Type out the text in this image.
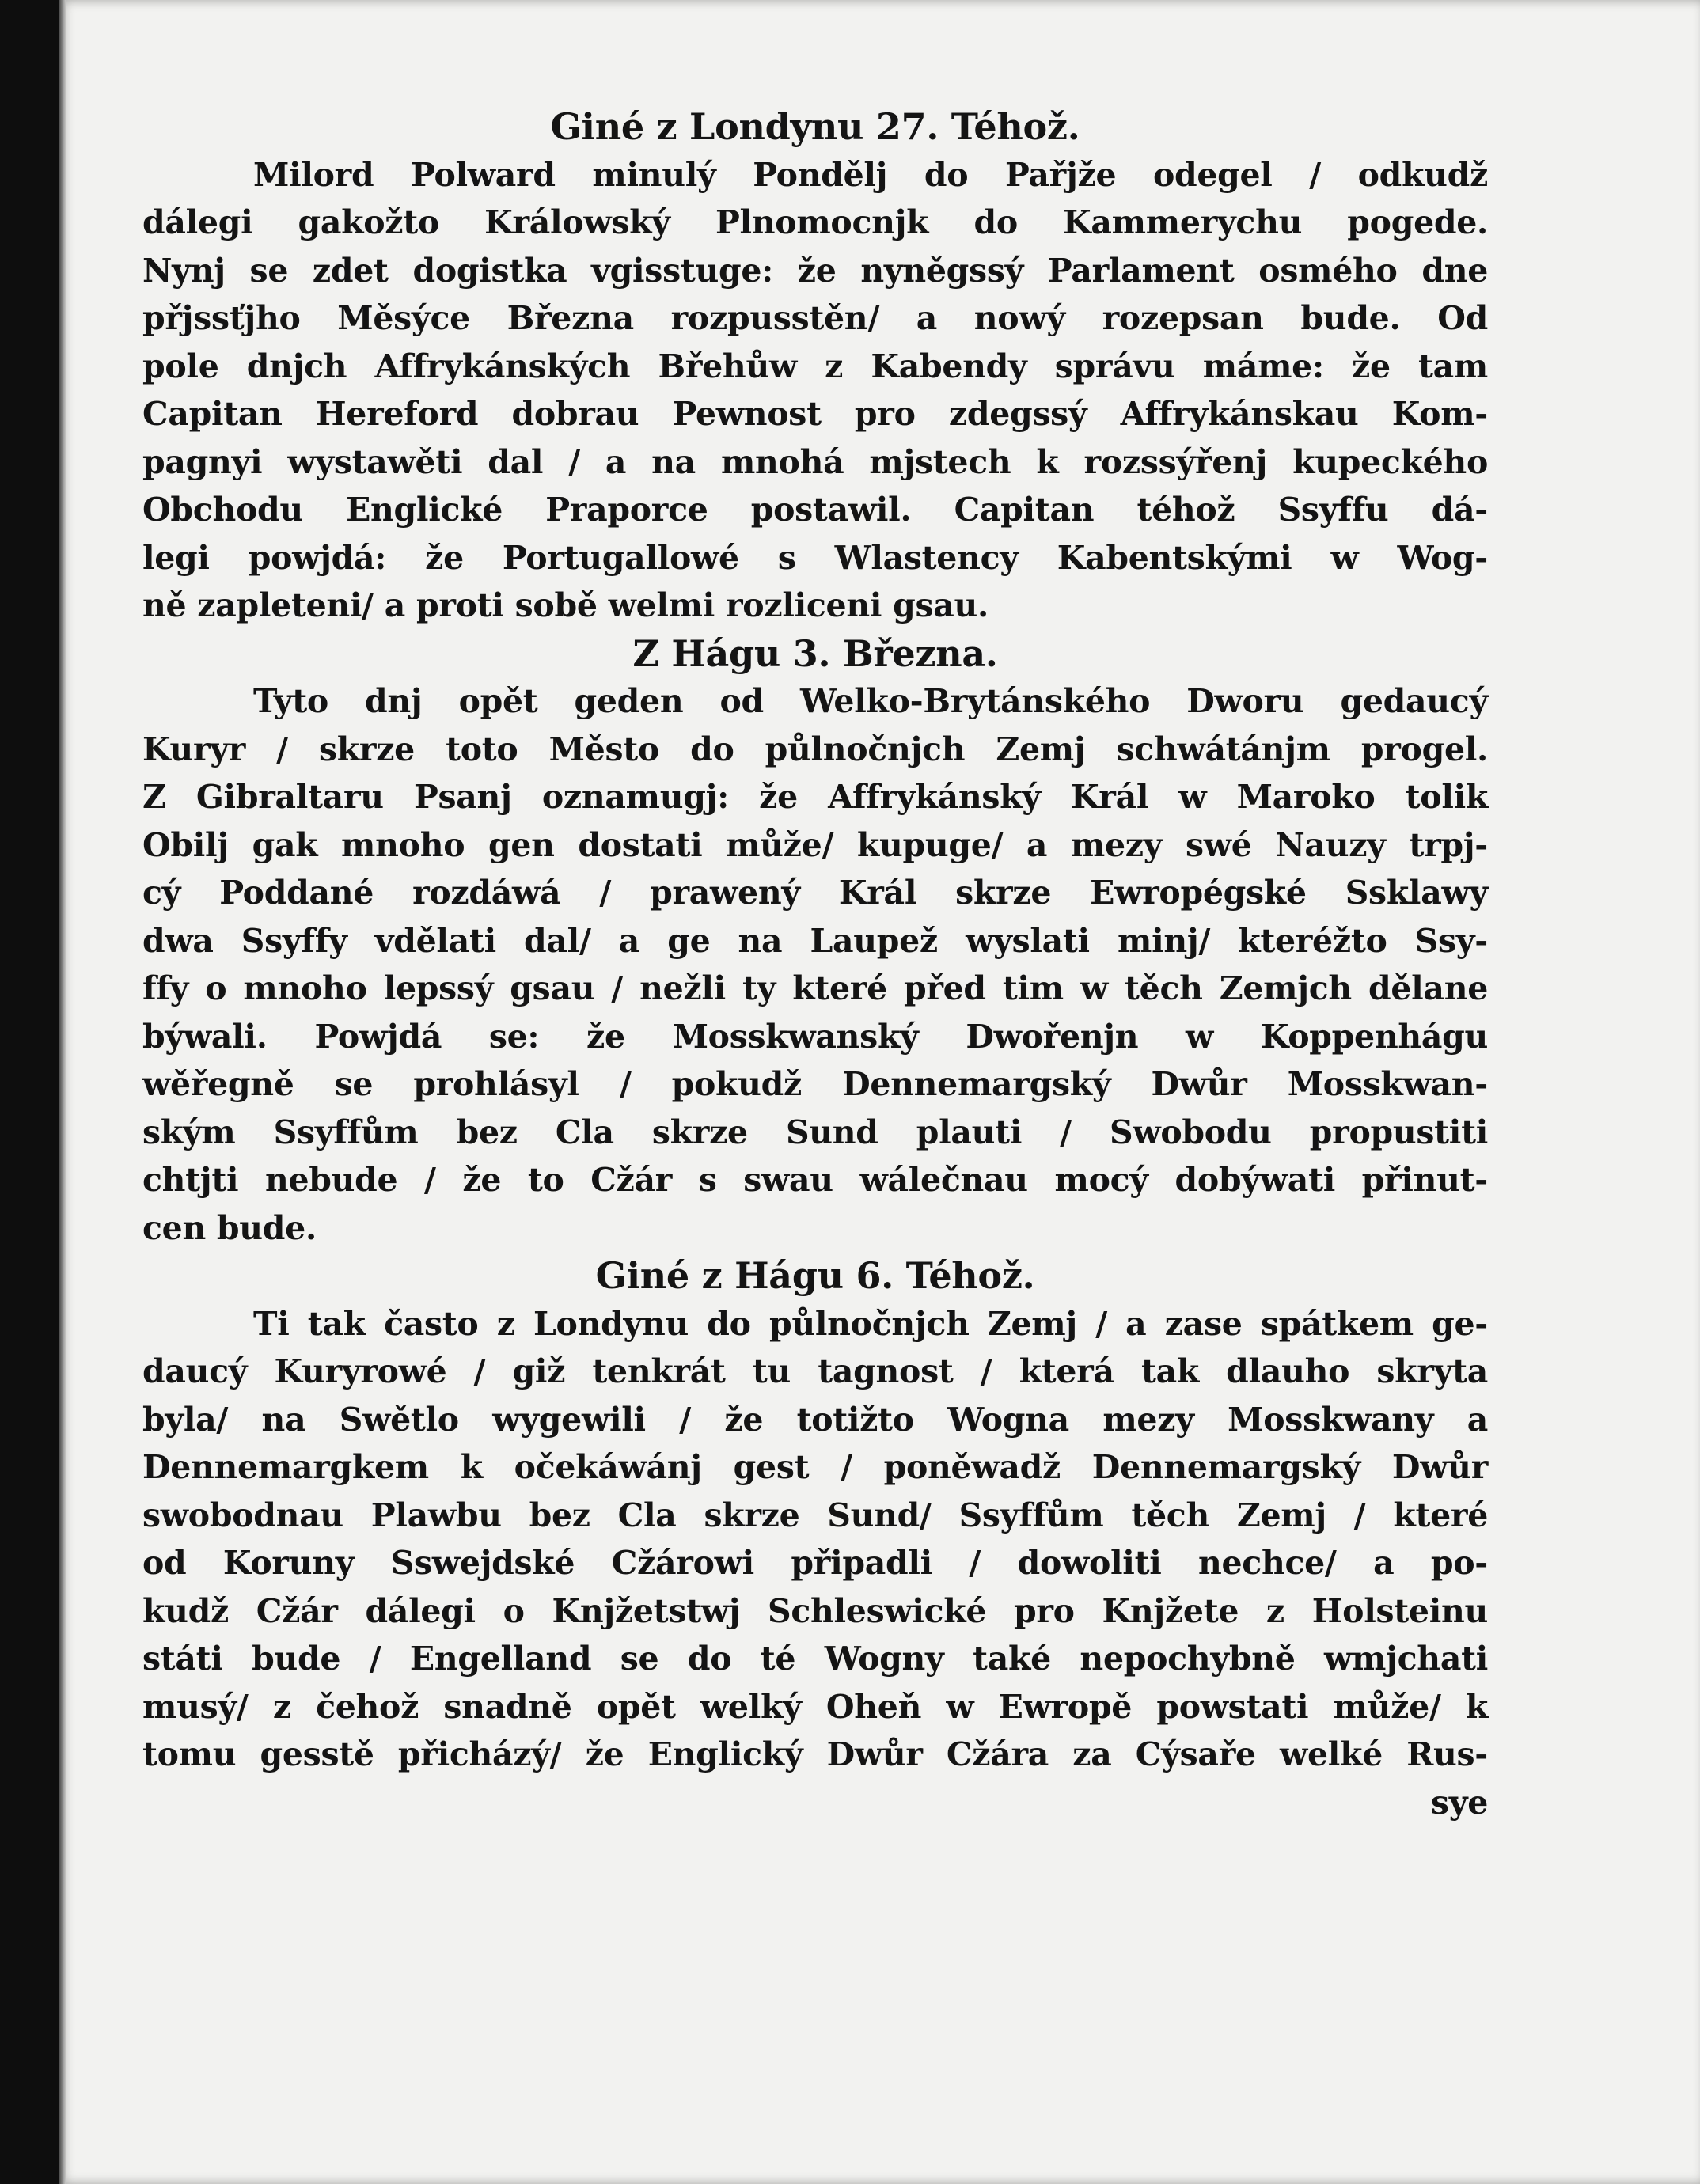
Giné z Londynu 27. Téhož.
Milord Polward minulý Pondělj do Pařjže odegel / odkudž
dálegi gakožto Králowský Plnomocnjk do Kammerychu pogede.
Nynj se zdet dogistka vgisstuge: že nyněgssý Parlament osmého dne
přjssťjho Měsýce Března rozpusstěn/ a nowý rozepsan bude. Od
pole dnjch Affrykánských Břehůw z Kabendy správu máme: že tam
Capitan Hereford dobrau Pewnost pro zdegssý Affrykánskau Kom-
pagnyi wystawěti dal / a na mnohá mjstech k rozssýřenj kupeckého
Obchodu Englické Praporce postawil. Capitan téhož Ssyffu dá-
legi powjdá: že Portugallowé s Wlastency Kabentskými w Wog-
ně zapleteni/ a proti sobě welmi rozliceni gsau.
Z Hágu 3. Března.
Tyto dnj opět geden od Welko-Brytánského Dworu gedaucý
Kuryr / skrze toto Město do půlnočnjch Zemj schwátánjm progel.
Z Gibraltaru Psanj oznamugj: že Affrykánský Král w Maroko tolik
Obilj gak mnoho gen dostati může/ kupuge/ a mezy swé Nauzy trpj-
cý Poddané rozdáwá / prawený Král skrze Ewropégské Ssklawy
dwa Ssyffy vdělati dal/ a ge na Laupež wyslati minj/ kteréžto Ssy-
ffy o mnoho lepssý gsau / nežli ty které před tim w těch Zemjch dělane
býwali. Powjdá se: že Mosskwanský Dwořenjn w Koppenhágu
wěřegně se prohlásyl / pokudž Dennemargský Dwůr Mosskwan-
ským Ssyffům bez Cla skrze Sund plauti / Swobodu propustiti
chtjti nebude / že to Cžár s swau wálečnau mocý dobýwati přinut-
cen bude.
Giné z Hágu 6. Téhož.
Ti tak často z Londynu do půlnočnjch Zemj / a zase spátkem ge-
daucý Kuryrowé / giž tenkrát tu tagnost / která tak dlauho skryta
byla/ na Swětlo wygewili / že totižto Wogna mezy Mosskwany a
Dennemargkem k očekáwánj gest / poněwadž Dennemargský Dwůr
swobodnau Plawbu bez Cla skrze Sund/ Ssyffům těch Zemj / které
od Koruny Sswejdské Cžárowi připadli / dowoliti nechce/ a po-
kudž Cžár dálegi o Knjžetstwj Schleswické pro Knjžete z Holsteinu
státi bude / Engelland se do té Wogny také nepochybně wmjchati
musý/ z čehož snadně opět welký Oheň w Ewropě powstati může/ k
tomu gesstě přicházý/ že Englický Dwůr Cžára za Cýsaře welké Rus-
sye
